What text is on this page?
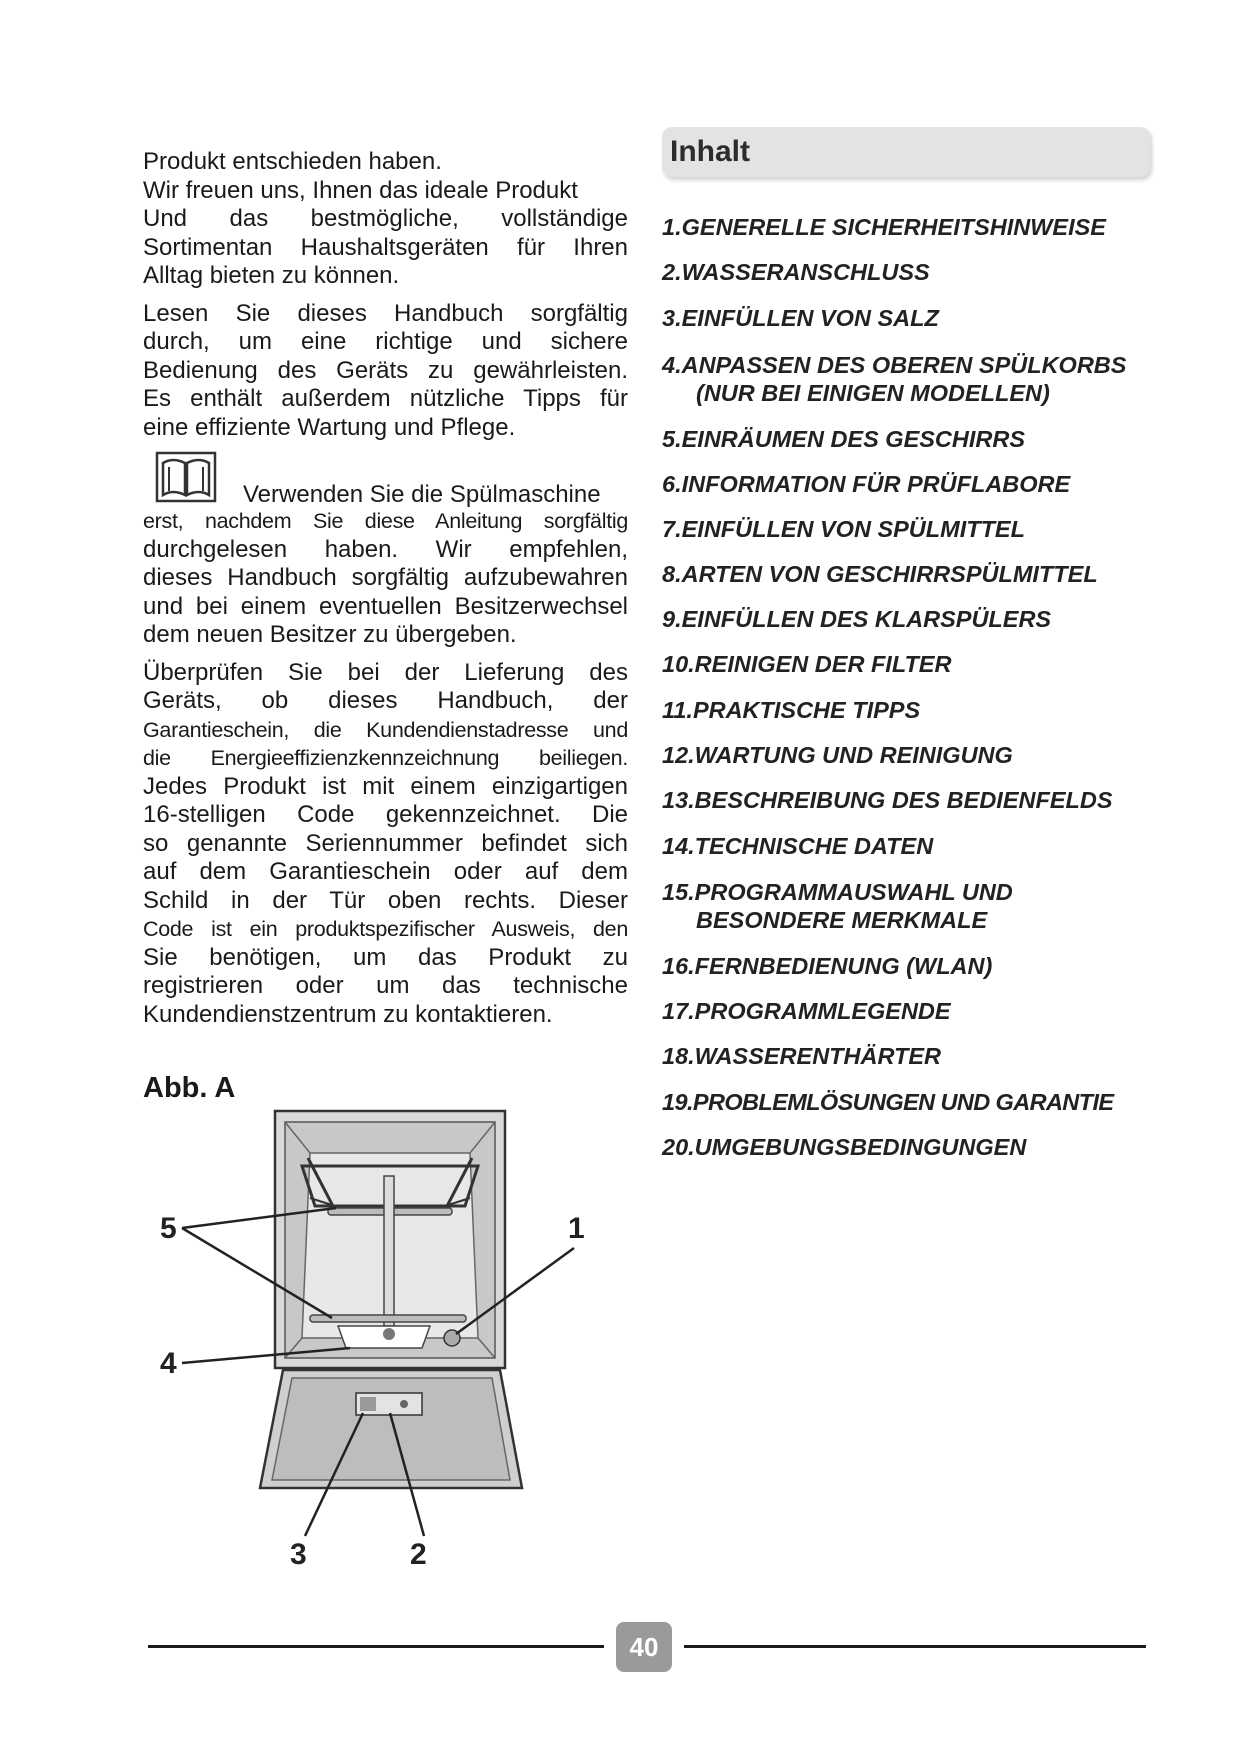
Produkt entschieden haben.
Wir freuen uns, Ihnen das ideale Produkt
Und das bestmögliche, vollständige
Sortimentan Haushaltsgeräten für Ihren
Alltag bieten zu können.
Lesen Sie dieses Handbuch sorgfältig
durch, um eine richtige und sichere
Bedienung des Geräts zu gewährleisten.
Es enthält außerdem nützliche Tipps für
eine effiziente Wartung und Pflege.
Verwenden Sie die Spülmaschine
erst, nachdem Sie diese Anleitung sorgfältig
durchgelesen haben. Wir empfehlen,
dieses Handbuch sorgfältig aufzubewahren
und bei einem eventuellen Besitzerwechsel
dem neuen Besitzer zu übergeben.
Überprüfen Sie bei der Lieferung des
Geräts, ob dieses Handbuch, der
Garantieschein, die Kundendienstadresse und
die Energieeffizienzkennzeichnung beiliegen.
Jedes Produkt ist mit einem einzigartigen
16-stelligen Code gekennzeichnet. Die
so genannte Seriennummer befindet sich
auf dem Garantieschein oder auf dem
Schild in der Tür oben rechts. Dieser
Code ist ein produktspezifischer Ausweis, den
Sie benötigen, um das Produkt zu
registrieren oder um das technische
Kundendienstzentrum zu kontaktieren.
Abb. A
5	1
4
3	2
Inhalt
1.GENERELLE SICHERHEITSHINWEISE
2.WASSERANSCHLUSS
3.EINFÜLLEN VON SALZ
4.ANPASSEN DES OBEREN SPÜLKORBS
(NUR BEI EINIGEN MODELLEN)
5.EINRÄUMEN DES GESCHIRRS
6.INFORMATION FÜR PRÜFLABORE
7.EINFÜLLEN VON SPÜLMITTEL
8.ARTEN VON GESCHIRRSPÜLMITTEL
9.EINFÜLLEN DES KLARSPÜLERS
10.REINIGEN DER FILTER
11.PRAKTISCHE TIPPS
12.WARTUNG UND REINIGUNG
13.BESCHREIBUNG DES BEDIENFELDS
14.TECHNISCHE DATEN
15.PROGRAMMAUSWAHL UND
BESONDERE MERKMALE
16.FERNBEDIENUNG (WLAN)
17.PROGRAMMLEGENDE
18.WASSERENTHÄRTER
19.PROBLEMLÖSUNGEN UND GARANTIE
20.UMGEBUNGSBEDINGUNGEN
40
